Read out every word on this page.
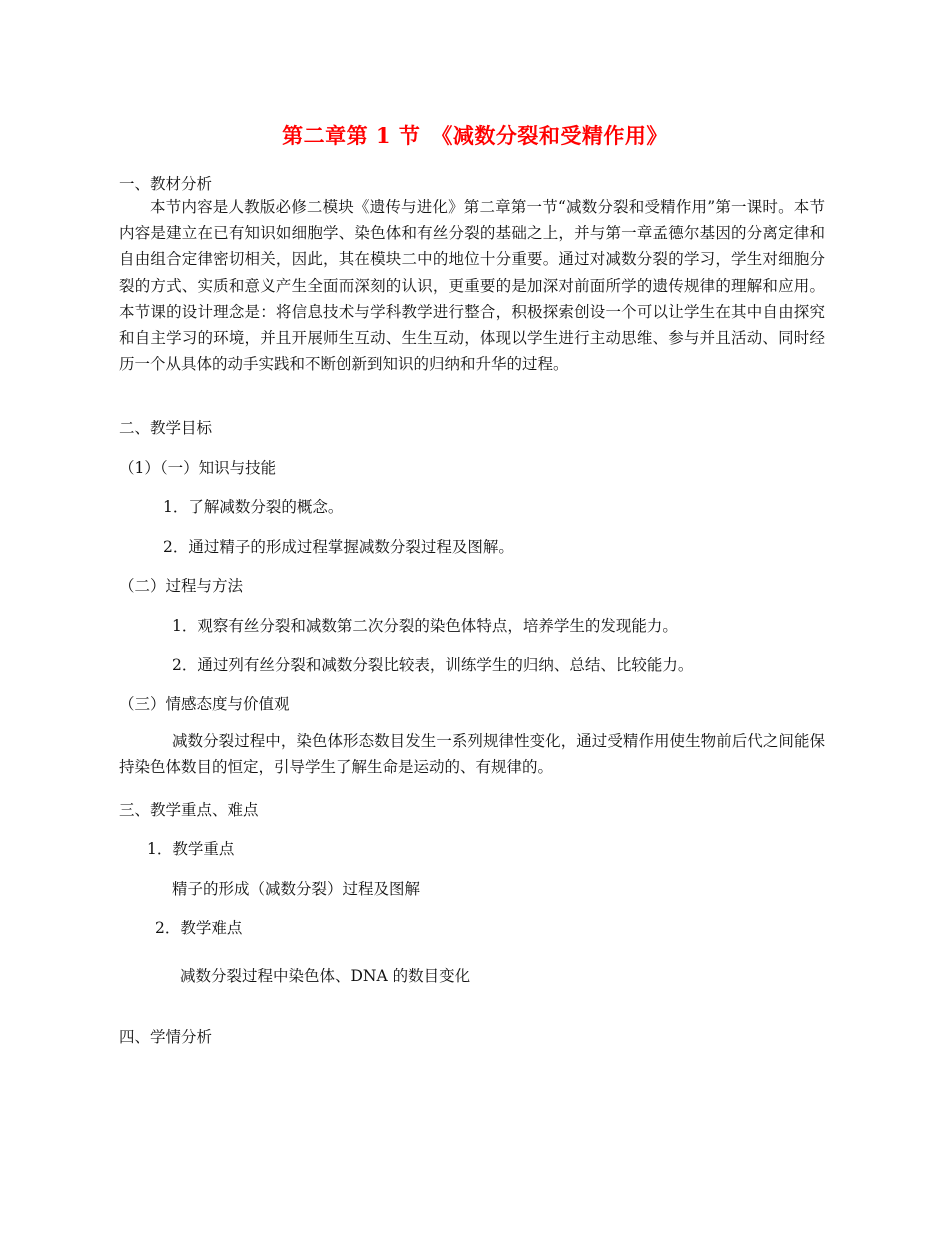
第二章第 1 节　《减数分裂和受精作用》
一、教材分析
本节内容是人教版必修二模块《遗传与进化》第二章第一节“减数分裂和受精作用”第一课时。本节内容是建立在已有知识如细胞学、染色体和有丝分裂的基础之上，并与第一章孟德尔基因的分离定律和自由组合定律密切相关，因此，其在模块二中的地位十分重要。通过对减数分裂的学习，学生对细胞分裂的方式、实质和意义产生全面而深刻的认识，更重要的是加深对前面所学的遗传规律的理解和应用。本节课的设计理念是：将信息技术与学科教学进行整合，积极探索创设一个可以让学生在其中自由探究和自主学习的环境，并且开展师生互动、生生互动，体现以学生进行主动思维、参与并且活动、同时经历一个从具体的动手实践和不断创新到知识的归纳和升华的过程。
二、教学目标
（1）（一）知识与技能
1．了解减数分裂的概念。
2．通过精子的形成过程掌握减数分裂过程及图解。
（二）过程与方法
1．观察有丝分裂和减数第二次分裂的染色体特点，培养学生的发现能力。
2．通过列有丝分裂和减数分裂比较表，训练学生的归纳、总结、比较能力。
（三）情感态度与价值观
减数分裂过程中，染色体形态数目发生一系列规律性变化，通过受精作用使生物前后代之间能保持染色体数目的恒定，引导学生了解生命是运动的、有规律的。
三、教学重点、难点
1．教学重点
精子的形成（减数分裂）过程及图解
2．教学难点
减数分裂过程中染色体、DNA 的数目变化
四、学情分析
